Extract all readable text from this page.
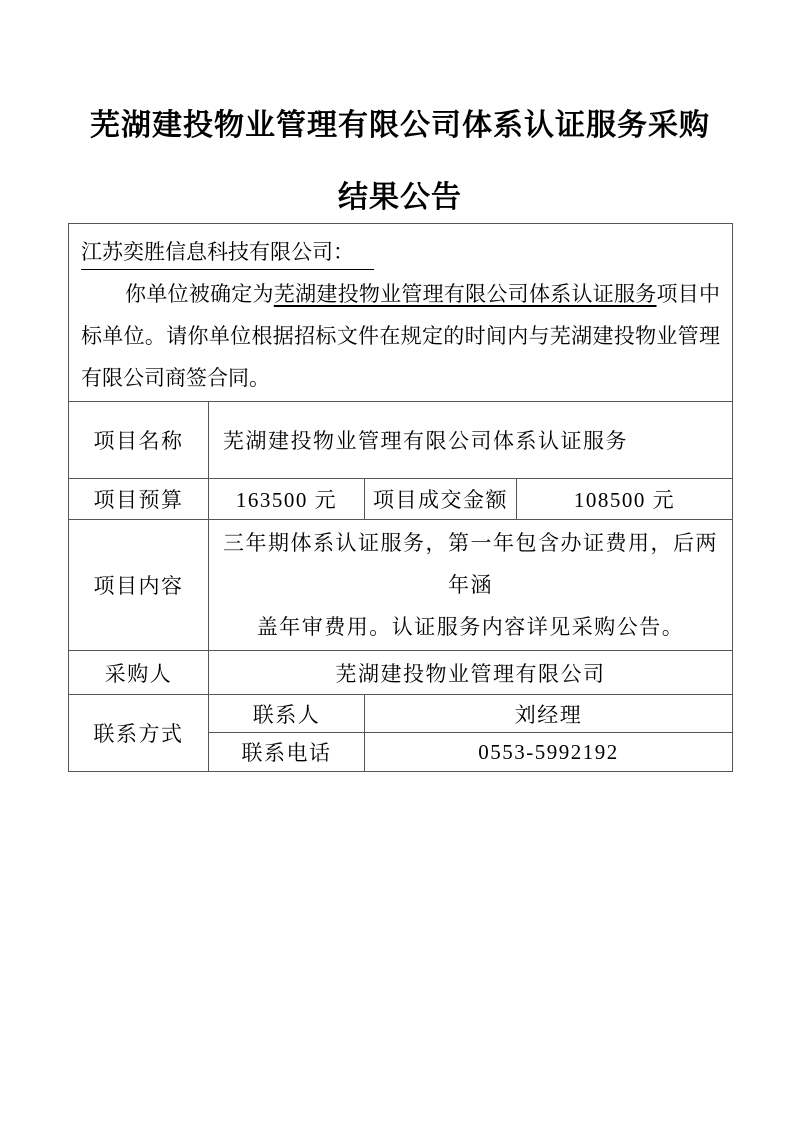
芜湖建投物业管理有限公司体系认证服务采购
结果公告
江苏奕胜信息科技有限公司：

你单位被确定为芜湖建投物业管理有限公司体系认证服务项目中标单位。请你单位根据招标文件在规定的时间内与芜湖建投物业管理有限公司商签合同。			

项目名称	芜湖建投物业管理有限公司体系认证服务		
项目预算	163500 元	项目成交金额	108500 元
项目内容	三年期体系认证服务，第一年包含办证费用，后两年涵
盖年审费用。认证服务内容详见采购公告。		

采购人	芜湖建投物业管理有限公司		
联系方式	联系人	刘经理	
	联系电话	0553-5992192	
